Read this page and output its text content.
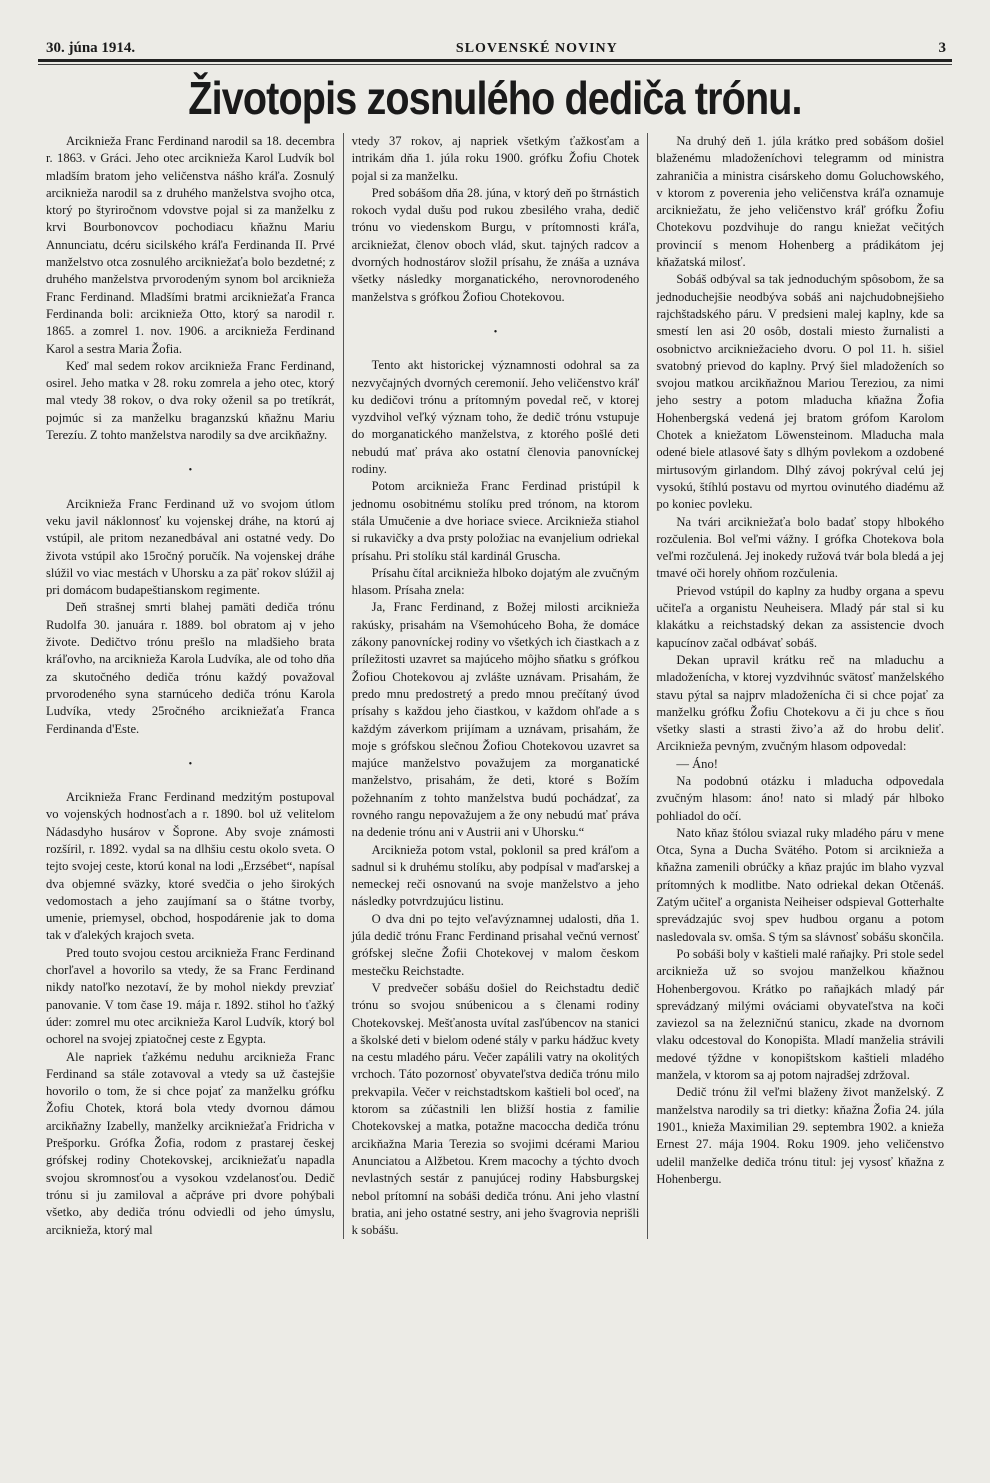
30. júna 1914.	SLOVENSKÉ NOVINY	3
Životopis zosnulého dediča trónu.

Arcikniežа Franc Ferdinand narodil sa 18. decembra r. 1863. v Gráci. Jeho otec arcikniežа Karol Ludvík bol mladším bratom jeho veličenstva nášho kráľa. Zosnulý arcikniežа narodil sa z druhého manželstva svojho otca, ktorý po štyriročnom vdovstve pojal si za manželku z krvi Bourbonovcov pochodiacu kňažnu Mariu Annunciatu, dcéru sicilského kráľa Ferdinanda II. Prvé manželstvo otca zosnulého arcikniežaťa bolo bezdetné; z druhého manželstva prvorodeným synom bol arcikniežа Franc Ferdinand. Mladšími bratmi arcikniežaťa Franca Ferdinanda boli: arcikniežа Otto, ktorý sa narodil r. 1865. a zomrel 1. nov. 1906. a arcikniežа Ferdinand Karol a sestra Maria Žofia.

Keď mal sedem rokov arcikniežа Franc Ferdinand, osirel. Jeho matka v 28. roku zomrela a jeho otec, ktorý mal vtedy 38 rokov, o dva roky oženil sa po tretíkrát, pojmúc si za manželku braganzskú kňažnu Mariu Terezíu. Z tohto manželstva narodily sa dve arcikňažny.

•

Arcikniežа Franc Ferdinand už vo svojom útlom veku javil náklonnosť ku vojenskej dráhe, na ktorú aj vstúpil, ale pritom nezanedbával ani ostatné vedy. Do života vstúpil ako 15ročný poručík. Na vojenskej dráhe slúžil vo viac mestách v Uhorsku a za päť rokov slúžil aj pri domácom budapeštianskom regimente.

Deň strašnej smrti blahej pamäti dediča trónu Rudolfa 30. januára r. 1889. bol obratom aj v jeho živote. Dedičtvo trónu prešlo na mladšieho brata kráľovho, na arcikniežа Karola Ludvíka, ale od toho dňa za skutočného dediča trónu každý považoval prvorodeného syna starnúceho dediča trónu Karola Ludvíka, vtedy 25ročného arcikniežaťa Franca Ferdinanda d'Este.

•

Arcikniežа Franc Ferdinand medzitým postupoval vo vojenských hodnosťach a r. 1890. bol už velitelom Nádasdyho husárov v Šoprone. Aby svoje známosti rozšíril, r. 1892. vydal sa na dlhšiu cestu okolo sveta. O tejto svojej ceste, ktorú konal na lodi „Erzsébet“, napísal dva objemné sväzky, ktoré svedčia o jeho širokých vedomostach a jeho zaujímaní sa o štátne tvorby, umenie, priemysel, obchod, hospodárenie jak to doma tak v ďalekých krajoch sveta.

Pred touto svojou cestou arcikniežа Franc Ferdinand chorľavel a hovorilo sa vtedy, že sa Franc Ferdinand nikdy natoľko nezotaví, že by mohol niekdy prevziať panovanie. V tom čase 19. mája r. 1892. stihol ho ťažký úder: zomrel mu otec arcikniežа Karol Ludvík, ktorý bol ochorel na svojej zpiatočnej ceste z Egypta.

Ale napriek ťažkému neduhu arcikniežа Franc Ferdinand sa stále zotavoval a vtedy sa už častejšie hovorilo o tom, že si chce pojať za manželku grófku Žofiu Chotek, ktorá bola vtedy dvornou dámou arcikňažny Izabelly, manželky arcikniežaťa Fridricha v Prešporku. Grófka Žofia, rodom z prastarej českej grófskej rodiny Chotekovskej, arcikniežaťu napadla svojou skromnosťou a vysokou vzdelanosťou. Dedič trónu si ju zamiloval a ačpráve pri dvore pohýbali všetko, aby dediča trónu odviedli od jeho úmyslu, arcikniežа, ktorý mal

vtedy 37 rokov, aj napriek všetkým ťažkosťam a intrikám dňa 1. júla roku 1900. grófku Žofiu Chotek pojal si za manželku.

Pred sobášom dňa 28. júna, v ktorý deň po štrnástich rokoch vydal dušu pod rukou zbesilého vraha, dedič trónu vo viedenskom Burgu, v prítomnosti kráľa, arcikniežat, členov oboch vlád, skut. tajných radcov a dvorných hodnostárov složil prísahu, že znáša a uznáva všetky následky morganatického, nerovnorodeného manželstva s grófkou Žofiou Chotekovou.

•

Tento akt historickej významnosti odohral sa za nezvyčajných dvorných ceremonií. Jeho veličenstvo kráľ ku dedičovi trónu a prítomným povedal reč, v ktorej vyzdvihol veľký význam toho, že dedič trónu vstupuje do morganatického manželstva, z ktorého pošlé deti nebudú mať práva ako ostatní členovia panovníckej rodiny.

Potom arcikniežа Franc Ferdinad pristúpil k jednomu osobitnému stolíku pred trónom, na ktorom stála Umučenie a dve horiace sviece. Arcikniežа stiahol si rukavičky a dva prsty položiac na evanjelium odriekal prísahu. Pri stolíku stál kardinál Gruscha.

Prísahu čítal arcikniežа hlboko dojatým ale zvučným hlasom. Prísaha znela:

Ja, Franc Ferdinand, z Božej milosti arcikniežа rakúsky, prisahám na Všemohúceho Boha, že domáce zákony panovníckej rodiny vo všetkých ich čiastkach a z príležitosti uzavret sa majúceho môjho sňatku s grófkou Žofiou Chotekovou aj zvlášte uznávam. Prisahám, že predo mnu predostretý a predo mnou prečítaný úvod prísahy s každou jeho čiastkou, v každom ohľade a s každým záverkom prijímam a uznávam, prisahám, že moje s grófskou slečnou Žofiou Chotekovou uzavret sa majúce manželstvo považujem za morganatické manželstvo, prisahám, že deti, ktoré s Božím požehnaním z tohto manželstva budú pochádzať, za rovného rangu nepovažujem a že ony nebudú mať práva na dedenie trónu ani v Austrii ani v Uhorsku.“

Arcikniežа potom vstal, poklonil sa pred kráľom a sadnul si k druhému stolíku, aby podpísal v maďarskej a nemeckej reči osnovanú na svoje manželstvo a jeho následky potvrdzujúcu listinu.

O dva dni po tejto veľavýznamnej udalosti, dňa 1. júla dedič trónu Franc Ferdinand prisahal večnú vernosť grófskej slečne Žofii Chotekovej v malom českom mestečku Reichstadte.

V predvečer sobášu došiel do Reichstadtu dedič trónu so svojou snúbenicou a s členami rodiny Chotekovskej. Mešťanosta uvítal zasľúbencov na stanici a školské deti v bielom odené stály v parku hádžuc kvety na cestu mladého páru. Večer zapálili vatry na okolitých vrchoch. Táto pozornosť obyvateľstva dediča trónu milo prekvapila. Večer v reichstadtskom kaštieli bol oceď, na ktorom sa zúčastnili len bližší hostia z familie Chotekovskej a matka, potažne macoccha dediča trónu arcikňažna Maria Terezia so svojimi dcérami Mariou Anunciatou a Alžbetou. Krem macochy a týchto dvoch nevlastných sestár z panujúcej rodiny Habsburgskej nebol prítomní na sobáši dediča trónu. Ani jeho vlastní bratia, ani jeho ostatné sestry, ani jeho švagrovia neprišli k sobášu.

Na druhý deň 1. júla krátko pred sobášom došiel blaženému mladoženíchovi telegramm od ministra zahraničia a ministra cisárskeho domu Goluchowského, v ktorom z poverenia jeho veličenstva kráľa oznamuje arcikniežatu, že jeho veličenstvo kráľ grófku Žofiu Chotekovu pozdvihuje do rangu kniežat večitých provincií s menom Hohenberg a prádikátom jej kňažatská milosť.

Sobáš odbýval sa tak jednoduchým spôsobom, že sa jednoduchejšie neodbýva sobáš ani najchudobnejšieho rajchštadského páru. V predsieni malej kaplny, kde sa smestí len asi 20 osôb, dostali miesto žurnalisti a osobnictvo arcikniežacieho dvoru. O pol 11. h. sišiel svatobný prievod do kaplny. Prvý šiel mladoženích so svojou matkou arcikňažnou Mariou Tereziou, za nimi jeho sestry a potom mladucha kňažna Žofia Hohenbergská vedená jej bratom grófom Karolom Chotek a kniežatom Löwensteinom. Mladucha mala odené biele atlasové šaty s dlhým povlekom a ozdobené mirtusovým girlandom. Dlhý závoj pokrýval celú jej vysokú, štíhlú postavu od myrtou ovinutého diadému až po koniec povleku.

Na tvári arcikniežaťa bolo badať stopy hlbokého rozčulenia. Bol veľmi vážny. I grófka Chotekova bola veľmi rozčulená. Jej inokedy ružová tvár bola bledá a jej tmavé oči horely ohňom rozčulenia.

Prievod vstúpil do kaplny za hudby organa a spevu učiteľa a organistu Neuheisera. Mladý pár stal si ku klakátku a reichstadský dekan za assistencie dvoch kapucínov začal odbávať sobáš.

Dekan upravil krátku reč na mladuchu a mladoženícha, v ktorej vyzdvihnúc svätosť manželského stavu pýtal sa najprv mladoženícha či si chce pojať za manželku grófku Žofiu Chotekovu a či ju chce s ňou všetky slasti a strasti živo’a až do hrobu deliť. Arcikniežа pevným, zvučným hlasom odpovedal:

— Áno!

Na podobnú otázku i mladucha odpovedala zvučným hlasom: áno! nato si mladý pár hlboko pohliadol do očí.

Nato kňaz štólou sviazal ruky mladého páru v mene Otca, Syna a Ducha Svätého. Potom si arcikniežа a kňažna zamenili obrúčky a kňaz prajúc im blaho vyzval prítomných k modlitbe. Nato odriekal dekan Otčenáš. Zatým učiteľ a organista Neiheiser odspieval Gotterhalte sprevádzajúc svoj spev hudbou organu a potom nasledovala sv. omša. S tým sa slávnosť sobášu skončila.

Po sobáši boly v kaštieli malé raňajky. Pri stole sedel arcikniežа už so svojou manželkou kňažnou Hohenbergovou. Krátko po raňajkách mladý pár sprevádzaný milými ováciami obyvateľstva na koči zaviezol sa na železničnú stanicu, zkade na dvornom vlaku odcestoval do Konopišta. Mladí manželia strávili medové týždne v konopištskom kaštieli mladého manžela, v ktorom sa aj potom najradšej zdržoval.

Dedič trónu žil veľmi blaženy život manželský. Z manželstva narodily sa tri dietky: kňažna Žofia 24. júla 1901., knieža Maximilian 29. septembra 1902. a knieža Ernest 27. mája 1904. Roku 1909. jeho veličenstvo udelil manželke dediča trónu titul: jej vysosť kňažna z Hohenbergu.
